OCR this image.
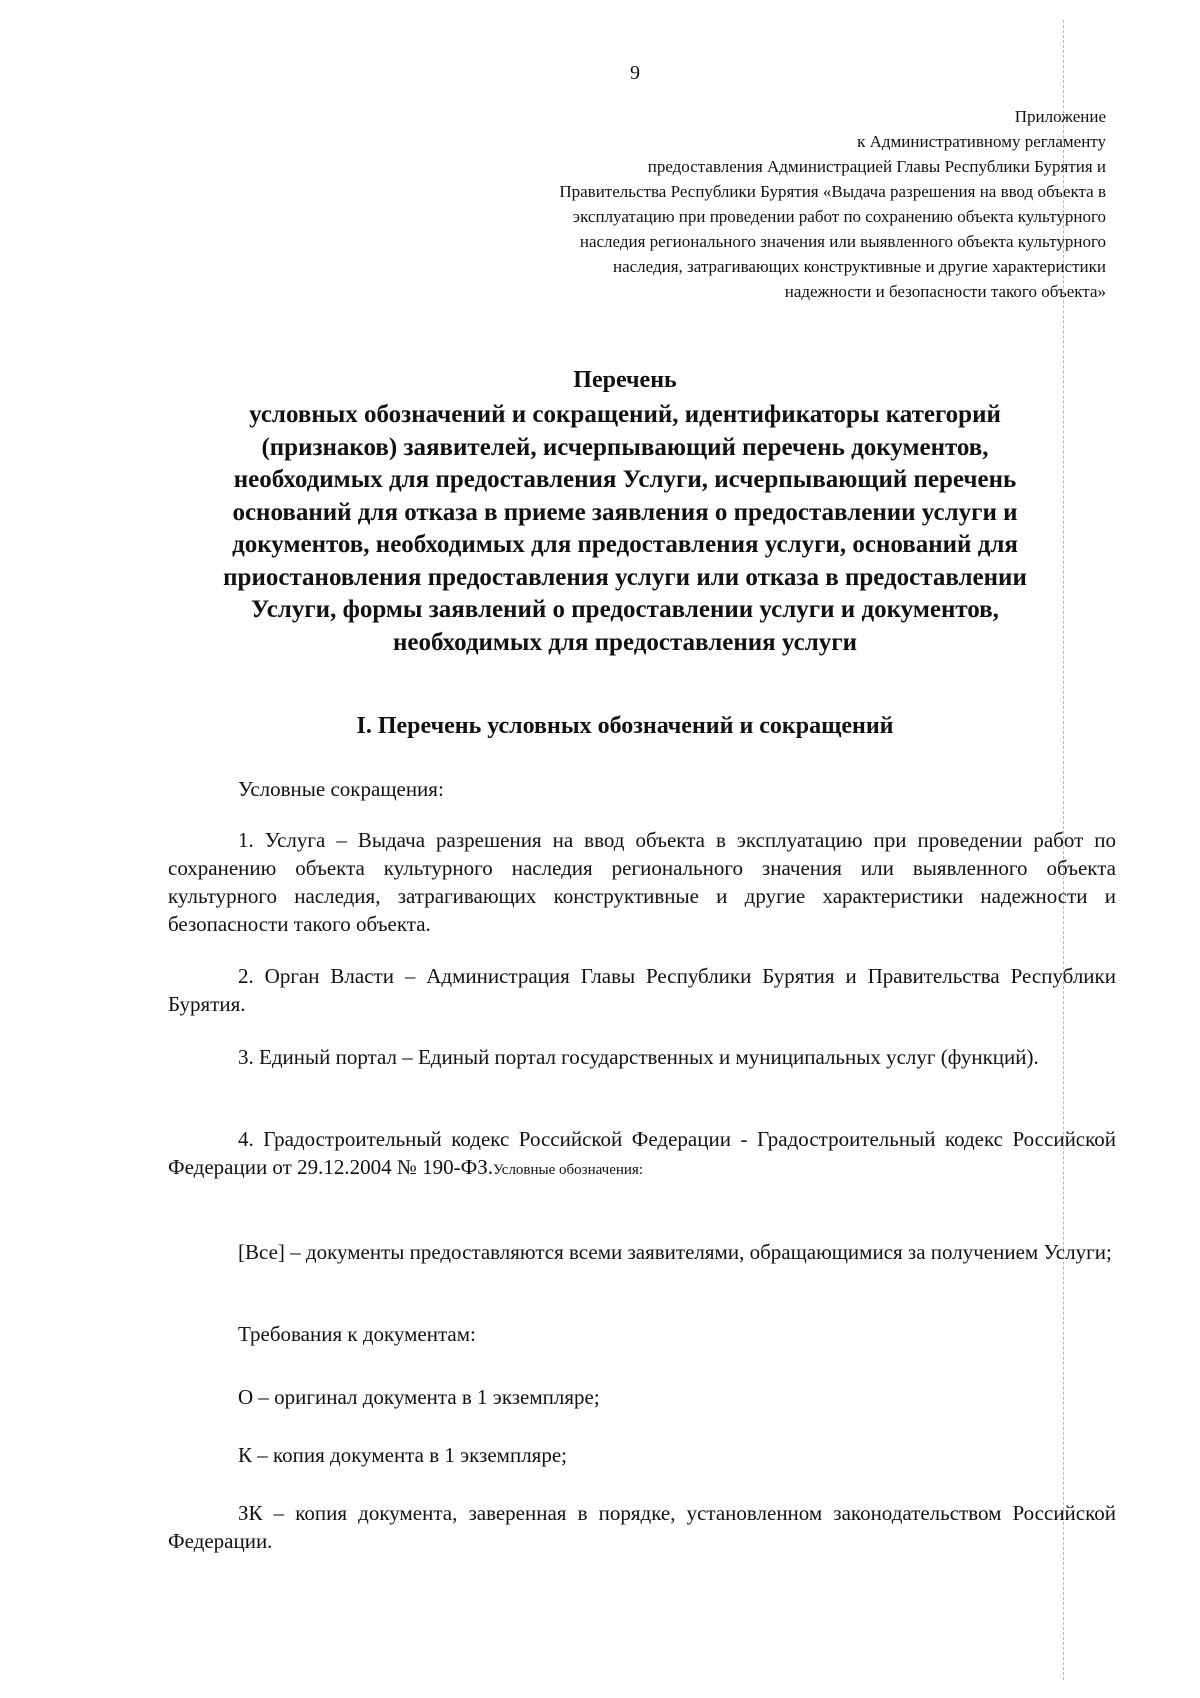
9
Приложение
к Административному регламенту
предоставления Администрацией Главы Республики Бурятия и
Правительства Республики Бурятия «Выдача разрешения на ввод объекта в
эксплуатацию при проведении работ по сохранению объекта культурного
наследия регионального значения или выявленного объекта культурного
наследия, затрагивающих конструктивные и другие характеристики
надежности и безопасности такого объекта»
Перечень
условных обозначений и сокращений, идентификаторы категорий
(признаков) заявителей, исчерпывающий перечень документов,
необходимых для предоставления Услуги, исчерпывающий перечень
оснований для отказа в приеме заявления о предоставлении услуги и
документов, необходимых для предоставления услуги, оснований для
приостановления предоставления услуги или отказа в предоставлении
Услуги, формы заявлений о предоставлении услуги и документов,
необходимых для предоставления услуги
I. Перечень условных обозначений и сокращений

Условные сокращения:

1. Услуга – Выдача разрешения на ввод объекта в эксплуатацию при проведении работ по сохранению объекта культурного наследия регионального значения или выявленного объекта культурного наследия, затрагивающих конструктивные и другие характеристики надежности и безопасности такого объекта.

2. Орган Власти – Администрация Главы Республики Бурятия и Правительства Республики Бурятия.

3. Единый портал – Единый портал государственных и муниципальных услуг (функций).

4. Градостроительный кодекс Российской Федерации - Градостроительный кодекс Российской Федерации от 29.12.2004 № 190-ФЗ.Условные обозначения:

[Все] – документы предоставляются всеми заявителями, обращающимися за получением Услуги;

Требования к документам:

О – оригинал документа в 1 экземпляре;

К – копия документа в 1 экземпляре;

ЗК – копия документа, заверенная в порядке, установленном законодательством Российской Федерации.
